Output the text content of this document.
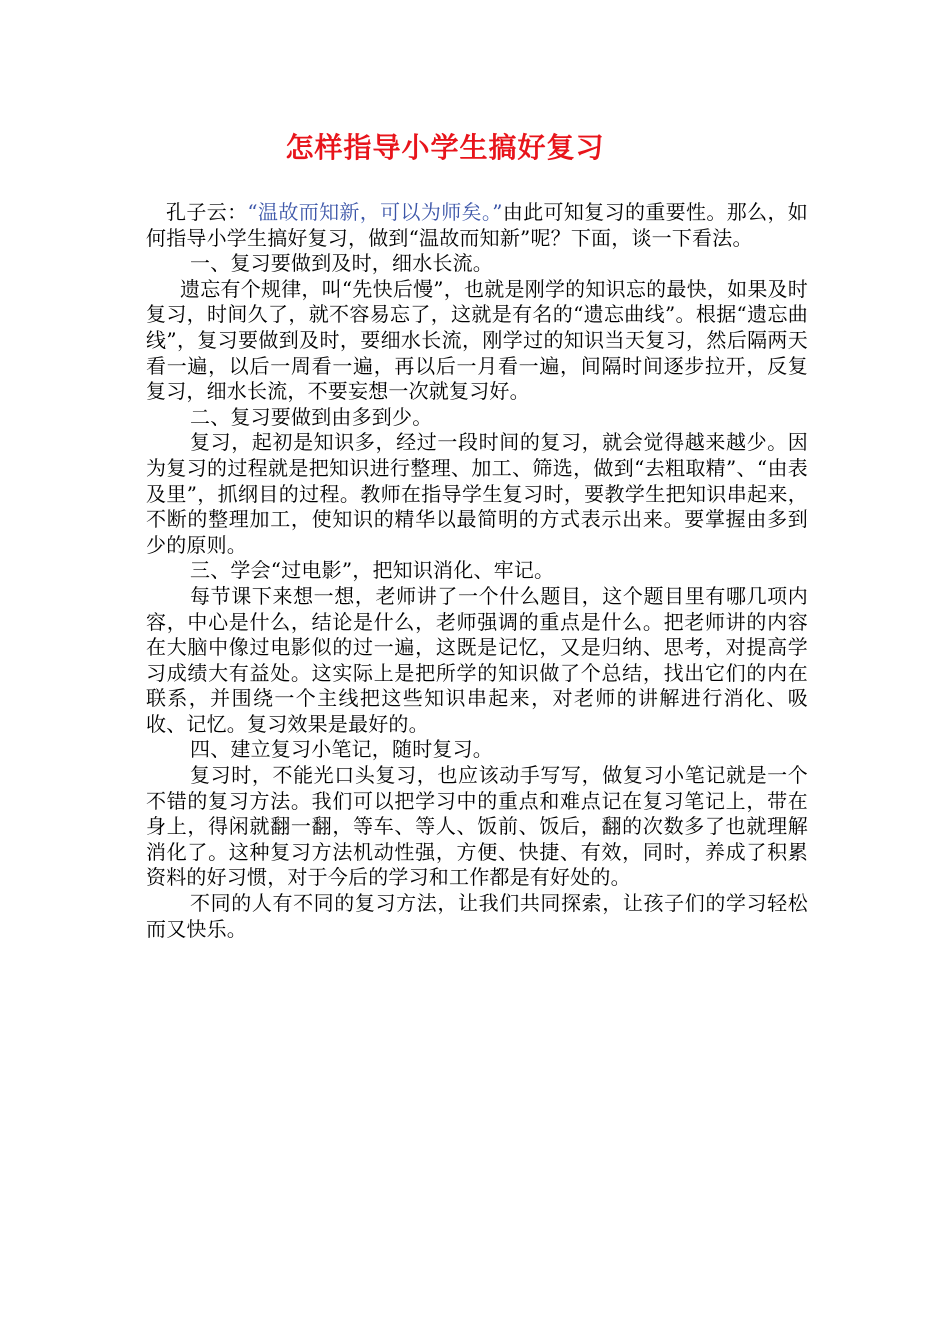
怎样指导小学生搞好复习

孔子云：“温故而知新，可以为师矣。”由此可知复习的重要性。那么，如何指导小学生搞好复习，做到“温故而知新”呢？下面，谈一下看法。

一、复习要做到及时，细水长流。

遗忘有个规律，叫“先快后慢”，也就是刚学的知识忘的最快，如果及时复习，时间久了，就不容易忘了，这就是有名的“遗忘曲线”。根据“遗忘曲线”，复习要做到及时，要细水长流，刚学过的知识当天复习，然后隔两天看一遍，以后一周看一遍，再以后一月看一遍，间隔时间逐步拉开，反复复习，细水长流，不要妄想一次就复习好。

二、复习要做到由多到少。

复习，起初是知识多，经过一段时间的复习，就会觉得越来越少。因为复习的过程就是把知识进行整理、加工、筛选，做到“去粗取精”、“由表及里”，抓纲目的过程。教师在指导学生复习时，要教学生把知识串起来，不断的整理加工，使知识的精华以最简明的方式表示出来。要掌握由多到少的原则。

三、学会“过电影”，把知识消化、牢记。

每节课下来想一想，老师讲了一个什么题目，这个题目里有哪几项内容，中心是什么，结论是什么，老师强调的重点是什么。把老师讲的内容在大脑中像过电影似的过一遍，这既是记忆，又是归纳、思考，对提高学习成绩大有益处。这实际上是把所学的知识做了个总结，找出它们的内在联系，并围绕一个主线把这些知识串起来，对老师的讲解进行消化、吸收、记忆。复习效果是最好的。

四、建立复习小笔记，随时复习。

复习时，不能光口头复习，也应该动手写写，做复习小笔记就是一个不错的复习方法。我们可以把学习中的重点和难点记在复习笔记上，带在身上，得闲就翻一翻，等车、等人、饭前、饭后，翻的次数多了也就理解消化了。这种复习方法机动性强，方便、快捷、有效，同时，养成了积累资料的好习惯，对于今后的学习和工作都是有好处的。

不同的人有不同的复习方法，让我们共同探索，让孩子们的学习轻松而又快乐。
